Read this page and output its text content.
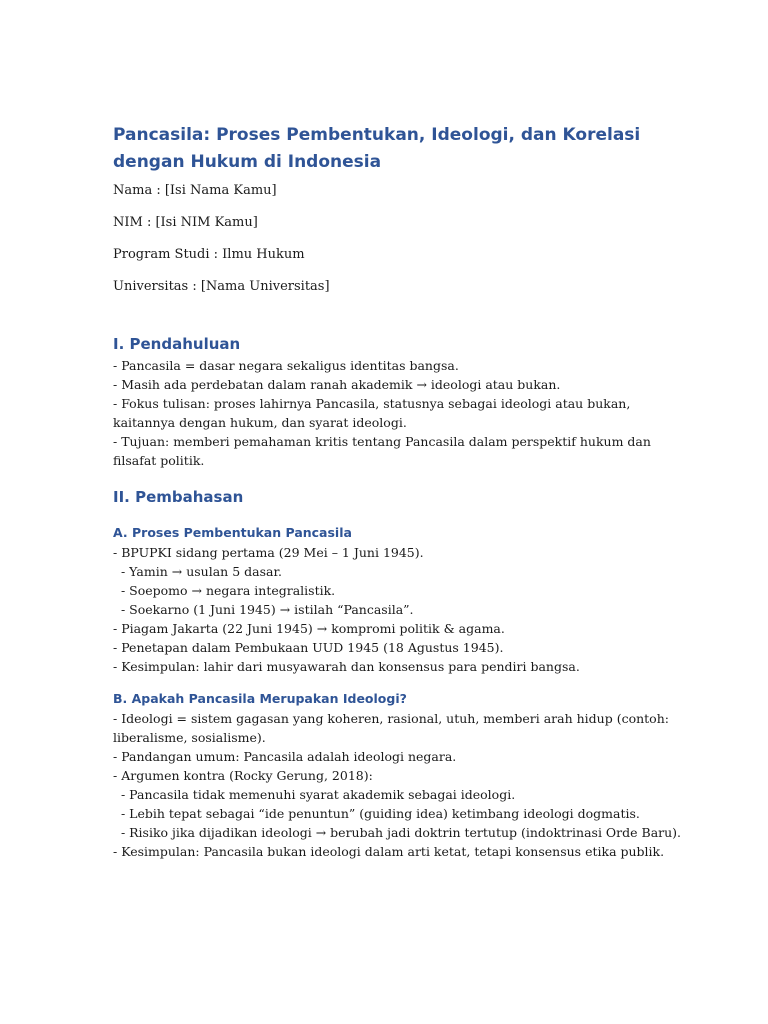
Pancasila: Proses Pembentukan, Ideologi, dan Korelasi dengan Hukum di Indonesia

Nama : [Isi Nama Kamu]

NIM : [Isi NIM Kamu]

Program Studi : Ilmu Hukum

Universitas : [Nama Universitas]

I. Pendahuluan

- Pancasila = dasar negara sekaligus identitas bangsa.

- Masih ada perdebatan dalam ranah akademik → ideologi atau bukan.

- Fokus tulisan: proses lahirnya Pancasila, statusnya sebagai ideologi atau bukan, kaitannya dengan hukum, dan syarat ideologi.

- Tujuan: memberi pemahaman kritis tentang Pancasila dalam perspektif hukum dan filsafat politik.

II. Pembahasan
A. Proses Pembentukan Pancasila

- BPUPKI sidang pertama (29 Mei – 1 Juni 1945).

- Yamin → usulan 5 dasar.

- Soepomo → negara integralistik.

- Soekarno (1 Juni 1945) → istilah “Pancasila”.

- Piagam Jakarta (22 Juni 1945) → kompromi politik & agama.

- Penetapan dalam Pembukaan UUD 1945 (18 Agustus 1945).

- Kesimpulan: lahir dari musyawarah dan konsensus para pendiri bangsa.

B. Apakah Pancasila Merupakan Ideologi?

- Ideologi = sistem gagasan yang koheren, rasional, utuh, memberi arah hidup (contoh: liberalisme, sosialisme).

- Pandangan umum: Pancasila adalah ideologi negara.

- Argumen kontra (Rocky Gerung, 2018):

- Pancasila tidak memenuhi syarat akademik sebagai ideologi.

- Lebih tepat sebagai “ide penuntun” (guiding idea) ketimbang ideologi dogmatis.

- Risiko jika dijadikan ideologi → berubah jadi doktrin tertutup (indoktrinasi Orde Baru).

- Kesimpulan: Pancasila bukan ideologi dalam arti ketat, tetapi konsensus etika publik.
